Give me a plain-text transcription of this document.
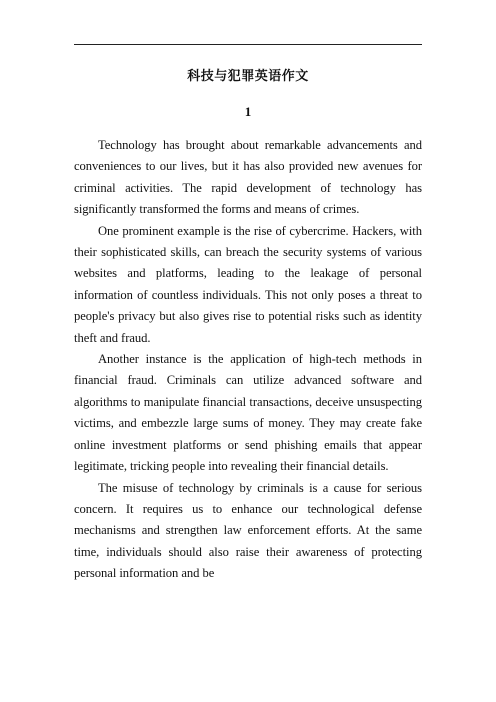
科技与犯罪英语作文
1

Technology has brought about remarkable advancements and conveniences to our lives, but it has also provided new avenues for criminal activities. The rapid development of technology has significantly transformed the forms and means of crimes.

One prominent example is the rise of cybercrime. Hackers, with their sophisticated skills, can breach the security systems of various websites and platforms, leading to the leakage of personal information of countless individuals. This not only poses a threat to people's privacy but also gives rise to potential risks such as identity theft and fraud.

Another instance is the application of high-tech methods in financial fraud. Criminals can utilize advanced software and algorithms to manipulate financial transactions, deceive unsuspecting victims, and embezzle large sums of money. They may create fake online investment platforms or send phishing emails that appear legitimate, tricking people into revealing their financial details.

The misuse of technology by criminals is a cause for serious concern. It requires us to enhance our technological defense mechanisms and strengthen law enforcement efforts. At the same time, individuals should also raise their awareness of protecting personal information and be
